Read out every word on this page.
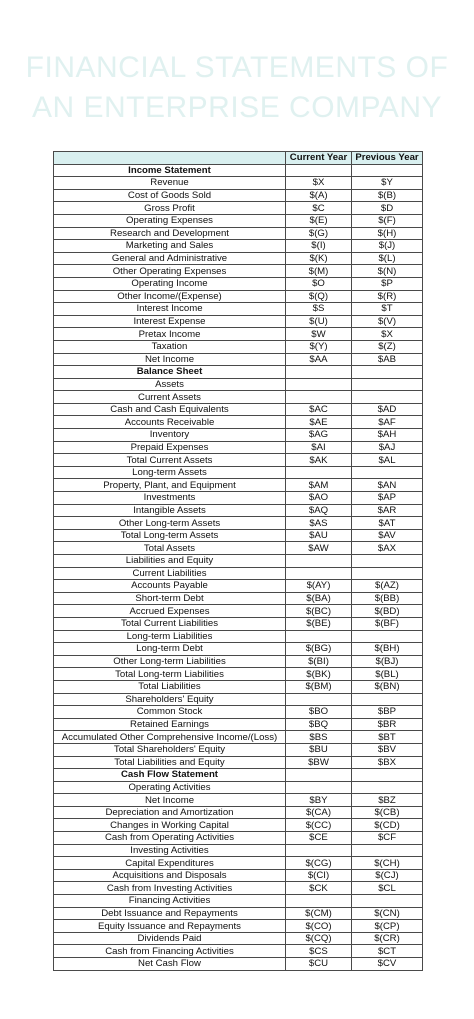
FINANCIAL STATEMENTS OF
AN ENTERPRISE COMPANY
	Current Year	Previous Year
Income Statement		
Revenue	$X	$Y
Cost of Goods Sold	$(A)	$(B)
Gross Profit	$C	$D
Operating Expenses	$(E)	$(F)
Research and Development	$(G)	$(H)
Marketing and Sales	$(I)	$(J)
General and Administrative	$(K)	$(L)
Other Operating Expenses	$(M)	$(N)
Operating Income	$O	$P
Other Income/(Expense)	$(Q)	$(R)
Interest Income	$S	$T
Interest Expense	$(U)	$(V)
Pretax Income	$W	$X
Taxation	$(Y)	$(Z)
Net Income	$AA	$AB
Balance Sheet		
Assets		
Current Assets		
Cash and Cash Equivalents	$AC	$AD
Accounts Receivable	$AE	$AF
Inventory	$AG	$AH
Prepaid Expenses	$AI	$AJ
Total Current Assets	$AK	$AL
Long-term Assets		
Property, Plant, and Equipment	$AM	$AN
Investments	$AO	$AP
Intangible Assets	$AQ	$AR
Other Long-term Assets	$AS	$AT
Total Long-term Assets	$AU	$AV
Total Assets	$AW	$AX
Liabilities and Equity		
Current Liabilities		
Accounts Payable	$(AY)	$(AZ)
Short-term Debt	$(BA)	$(BB)
Accrued Expenses	$(BC)	$(BD)
Total Current Liabilities	$(BE)	$(BF)
Long-term Liabilities		
Long-term Debt	$(BG)	$(BH)
Other Long-term Liabilities	$(BI)	$(BJ)
Total Long-term Liabilities	$(BK)	$(BL)
Total Liabilities	$(BM)	$(BN)
Shareholders' Equity		
Common Stock	$BO	$BP
Retained Earnings	$BQ	$BR
Accumulated Other Comprehensive Income/(Loss)	$BS	$BT
Total Shareholders' Equity	$BU	$BV
Total Liabilities and Equity	$BW	$BX
Cash Flow Statement		
Operating Activities		
Net Income	$BY	$BZ
Depreciation and Amortization	$(CA)	$(CB)
Changes in Working Capital	$(CC)	$(CD)
Cash from Operating Activities	$CE	$CF
Investing Activities		
Capital Expenditures	$(CG)	$(CH)
Acquisitions and Disposals	$(CI)	$(CJ)
Cash from Investing Activities	$CK	$CL
Financing Activities		
Debt Issuance and Repayments	$(CM)	$(CN)
Equity Issuance and Repayments	$(CO)	$(CP)
Dividends Paid	$(CQ)	$(CR)
Cash from Financing Activities	$CS	$CT
Net Cash Flow	$CU	$CV
